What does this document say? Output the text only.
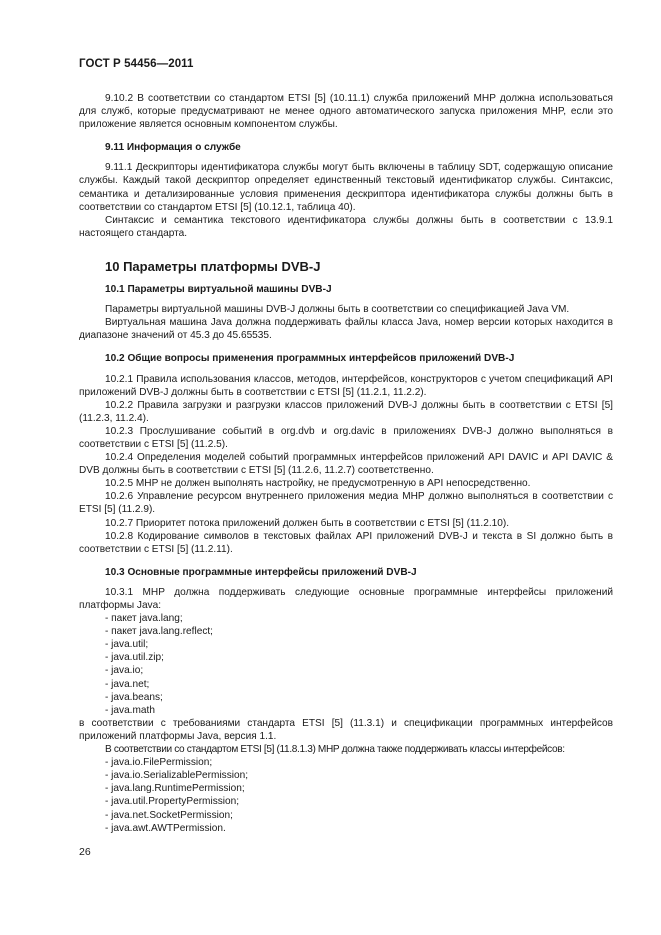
ГОСТ Р 54456—2011

9.10.2 В соответствии со стандартом ETSI [5] (10.11.1) служба приложений MHP должна использоваться для служб, которые предусматривают не менее одного автоматического запуска приложения MHP, если это приложение является основным компонентом службы.

9.11 Информация о службе

9.11.1 Дескрипторы идентификатора службы могут быть включены в таблицу SDT, содержащую описание службы. Каждый такой дескриптор определяет единственный текстовый идентификатор службы. Синтаксис, семантика и детализированные условия применения дескриптора идентификатора службы должны быть в соответствии со стандартом ETSI [5] (10.12.1, таблица 40).

Синтаксис и семантика текстового идентификатора службы должны быть в соответствии с 13.9.1 настоящего стандарта.

10 Параметры платформы DVB-J

10.1 Параметры виртуальной машины DVB-J

Параметры виртуальной машины DVB-J должны быть в соответствии со спецификацией Java VM.

Виртуальная машина Java должна поддерживать файлы класса Java, номер версии которых находится в диапазоне значений от 45.3 до 45.65535.

10.2 Общие вопросы применения программных интерфейсов приложений DVB-J

10.2.1 Правила использования классов, методов, интерфейсов, конструкторов с учетом спецификаций API приложений DVB-J должны быть в соответствии с ETSI [5] (11.2.1, 11.2.2).

10.2.2 Правила загрузки и разгрузки классов приложений DVB-J должны быть в соответствии с ETSI [5] (11.2.3, 11.2.4).

10.2.3 Прослушивание событий в org.dvb и org.davic в приложениях DVB-J должно выполняться в соответствии с ETSI [5] (11.2.5).

10.2.4 Определения моделей событий программных интерфейсов приложений API DAVIC и API DAVIC & DVB должны быть в соответствии с ETSI [5] (11.2.6, 11.2.7) соответственно.

10.2.5 MHP не должен выполнять настройку, не предусмотренную в API непосредственно.

10.2.6 Управление ресурсом внутреннего приложения медиа MHP должно выполняться в соответствии с ETSI [5] (11.2.9).

10.2.7 Приоритет потока приложений должен быть в соответствии с ETSI [5] (11.2.10).

10.2.8 Кодирование символов в текстовых файлах API приложений DVB-J и текста в SI должно быть в соответствии с ETSI [5] (11.2.11).

10.3 Основные программные интерфейсы приложений DVB-J

10.3.1 MHP должна поддерживать следующие основные программные интерфейсы приложений платформы Java:

- пакет java.lang;

- пакет java.lang.reflect;

- java.util;

- java.util.zip;

- java.io;

- java.net;

- java.beans;

- java.math

в соответствии с требованиями стандарта ETSI [5] (11.3.1) и спецификации программных интерфейсов приложений платформы Java, версия 1.1.

В соответствии со стандартом ETSI [5] (11.8.1.3) MHP должна также поддерживать классы интерфейсов:

- java.io.FilePermission;

- java.io.SerializablePermission;

- java.lang.RuntimePermission;

- java.util.PropertyPermission;

- java.net.SocketPermission;

- java.awt.AWTPermission.

26
